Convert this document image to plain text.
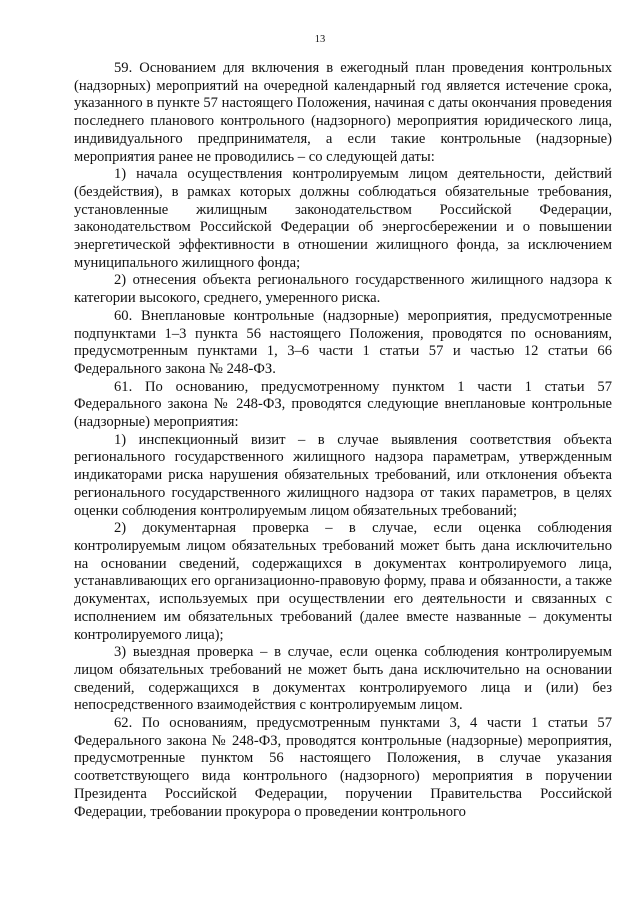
13

59. Основанием для включения в ежегодный план проведения контрольных (надзорных) мероприятий на очередной календарный год является истечение срока, указанного в пункте 57 настоящего Положения, начиная с даты окончания проведения последнего планового контрольного (надзорного) мероприятия юридического лица, индивидуального предпринимателя, а если такие контрольные (надзорные) мероприятия ранее не проводились – со следующей даты:

1) начала осуществления контролируемым лицом деятельности, действий (бездействия), в рамках которых должны соблюдаться обязательные требования, установленные жилищным законодательством Российской Федерации, законодательством Российской Федерации об энергосбережении и о повышении энергетической эффективности в отношении жилищного фонда, за исключением муниципального жилищного фонда;

2) отнесения объекта регионального государственного жилищного надзора к категории высокого, среднего, умеренного риска.

60. Внеплановые контрольные (надзорные) мероприятия, предусмотренные подпунктами 1–3 пункта 56 настоящего Положения, проводятся по основаниям, предусмотренным пунктами 1, 3–6 части 1 статьи 57 и частью 12 статьи 66 Федерального закона № 248-ФЗ.

61. По основанию, предусмотренному пунктом 1 части 1 статьи 57 Федерального закона № 248-ФЗ, проводятся следующие внеплановые контрольные (надзорные) мероприятия:

1) инспекционный визит – в случае выявления соответствия объекта регионального государственного жилищного надзора параметрам, утвержденным индикаторами риска нарушения обязательных требований, или отклонения объекта регионального государственного жилищного надзора от таких параметров, в целях оценки соблюдения контролируемым лицом обязательных требований;

2) документарная проверка – в случае, если оценка соблюдения контролируемым лицом обязательных требований может быть дана исключительно на основании сведений, содержащихся в документах контролируемого лица, устанавливающих его организационно-правовую форму, права и обязанности, а также документах, используемых при осуществлении его деятельности и связанных с исполнением им обязательных требований (далее вместе названные – документы контролируемого лица);

3) выездная проверка – в случае, если оценка соблюдения контролируемым лицом обязательных требований не может быть дана исключительно на основании сведений, содержащихся в документах контролируемого лица и (или) без непосредственного взаимодействия с контролируемым лицом.

62. По основаниям, предусмотренным пунктами 3, 4 части 1 статьи 57 Федерального закона № 248-ФЗ, проводятся контрольные (надзорные) мероприятия, предусмотренные пунктом 56 настоящего Положения, в случае указания соответствующего вида контрольного (надзорного) мероприятия в поручении Президента Российской Федерации, поручении Правительства Российской Федерации, требовании прокурора о проведении контрольного
